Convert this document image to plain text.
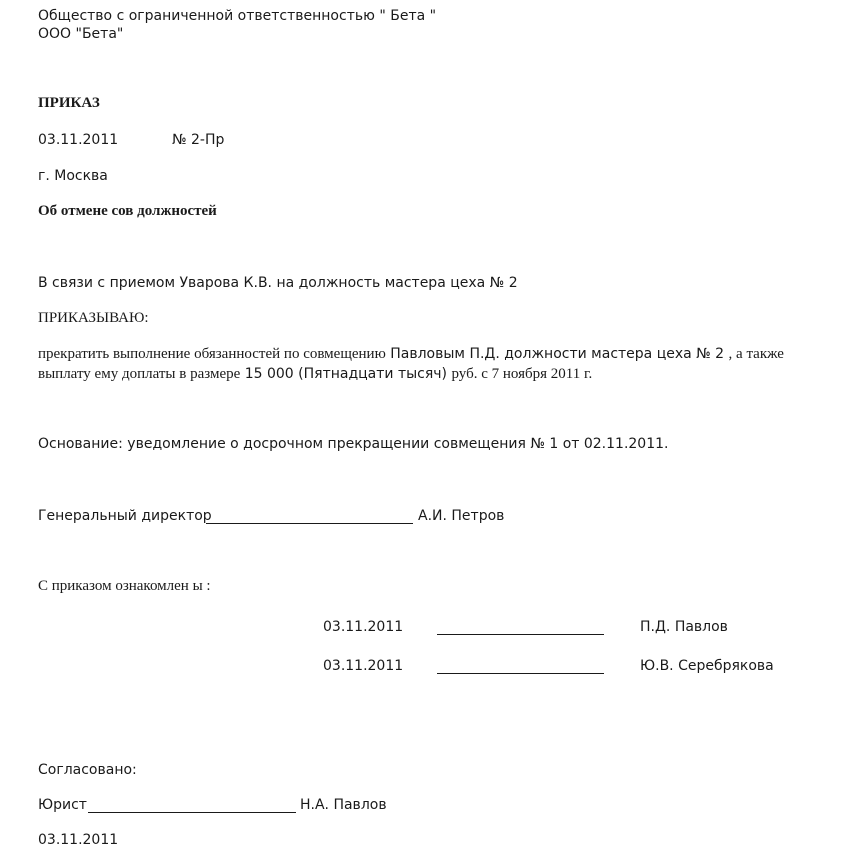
Общество с ограниченной ответственностью " Бета "
ООО "Бета"
ПРИКАЗ
03.11.2011	№ 2-Пр
г. Москва
Об отмене сов должностей
В связи с приемом Уварова К.В. на должность мастера цеха № 2
ПРИКАЗЫВАЮ:
прекратить выполнение обязанностей по совмещению Павловым П.Д. должности мастера цеха № 2 , а также
выплату ему доплаты в размере 15 000 (Пятнадцати тысяч) руб. с 7 ноября 2011 г.
Основание: уведомление о досрочном прекращении совмещения № 1 от 02.11.2011.
Генеральный директор	А.И. Петров
С приказом ознакомлен ы :
03.11.2011	П.Д. Павлов
03.11.2011	Ю.В. Серебрякова
Согласовано:
Юрист	Н.А. Павлов
03.11.2011
